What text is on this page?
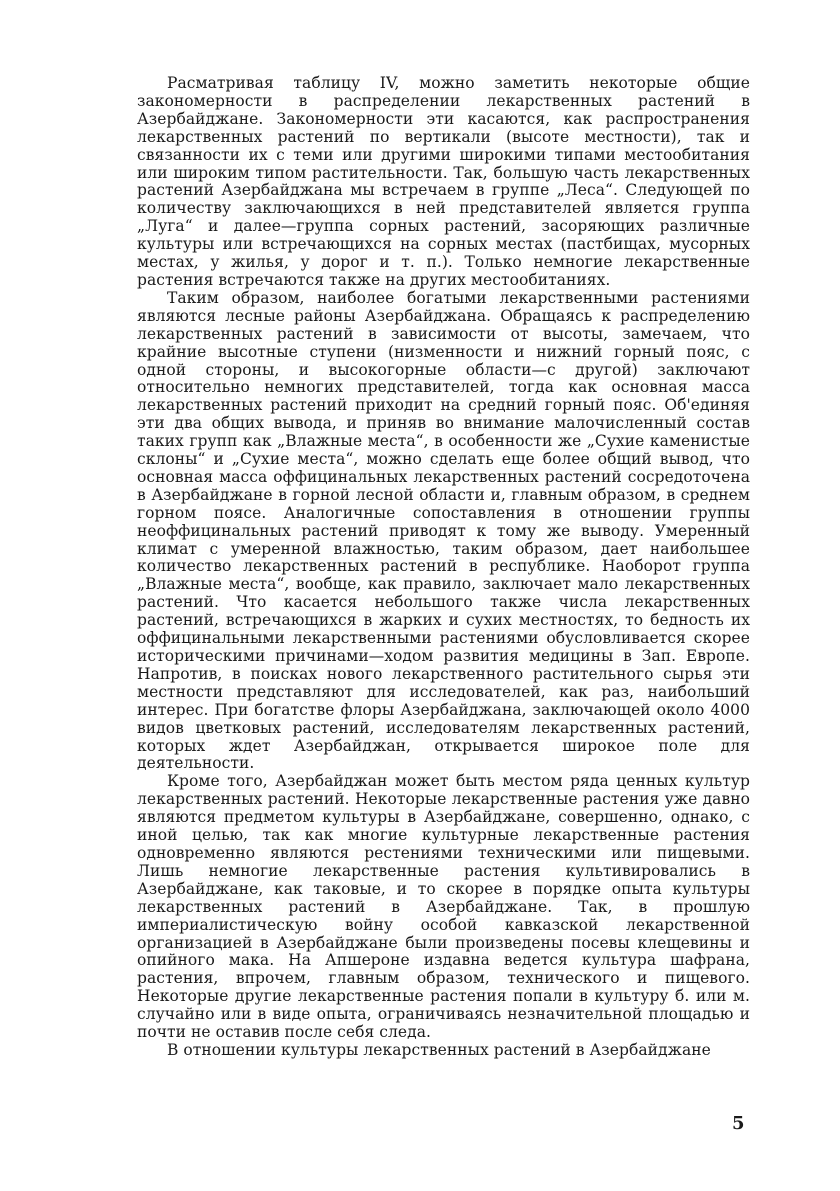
Расматривая таблицу IV, можно заметить некоторые общие закономерности в распределении лекарственных растений в Азербайджане. Закономерности эти касаются, как распространения лекарственных растений по вертикали (высоте местности), так и связанности их с теми или другими широкими типами местообитания или широким типом растительности. Так, большую часть лекарственных растений Азербайджана мы встречаем в группе „Леса“. Следующей по количеству заключающихся в ней представителей является группа „Луга“ и далее—группа сорных растений, засоряющих различные культуры или встречающихся на сорных местах (пастбищах, мусорных местах, у жилья, у дорог и т. п.). Только немногие лекарственные растения встречаются также на других местообитаниях.

Таким образом, наиболее богатыми лекарственными растениями являются лесные районы Азербайджана. Обращаясь к распределению лекарственных растений в зависимости от высоты, замечаем, что крайние высотные ступени (низменности и нижний горный пояс, с одной стороны, и высокогорные области—с другой) заключают относительно немногих представителей, тогда как основная масса лекарственных растений приходит на средний горный пояс. Об'единяя эти два общих вывода, и приняв во внимание малочисленный состав таких групп как „Влажные места“, в особенности же „Сухие каменистые склоны“ и „Сухие места“, можно сделать еще более общий вывод, что основная масса оффицинальных лекарственных растений сосредоточена в Азербайджане в горной лесной области и, главным образом, в среднем горном поясе. Аналогичные сопоставления в отношении группы неоффицинальных растений приводят к тому же выводу. Умеренный климат с умеренной влажностью, таким образом, дает наибольшее количество лекарственных растений в республике. Наоборот группа „Влажные места“, вообще, как правило, заключает мало лекарственных растений. Что касается небольшого также числа лекарственных растений, встречающихся в жарких и сухих местностях, то бедность их оффицинальными лекарственными растениями обусловливается скорее историческими причинами—ходом развития медицины в Зап. Европе. Напротив, в поисках нового лекарственного растительного сырья эти местности представляют для исследователей, как раз, наибольший интерес. При богатстве флоры Азербайджана, заключающей около 4000 видов цветковых растений, исследователям лекарственных растений, которых ждет Азербайджан, открывается широкое поле для деятельности.

Кроме того, Азербайджан может быть местом ряда ценных культур лекарственных растений. Некоторые лекарственные растения уже давно являются предметом культуры в Азербайджане, совершенно, однако, с иной целью, так как многие культурные лекарственные растения одновременно являются рестениями техническими или пищевыми. Лишь немногие лекарственные растения культивировались в Азербайджане, как таковые, и то скорее в порядке опыта культуры лекарственных растений в Азербайджане. Так, в прошлую империалистическую войну особой кавказской лекарственной организацией в Азербайджане были произведены посевы клещевины и опийного мака. На Апшероне издавна ведется культура шафрана, растения, впрочем, главным образом, технического и пищевого. Некоторые другие лекарственные растения попали в культуру б. или м. случайно или в виде опыта, ограничиваясь незначительной площадью и почти не оставив после себя следа.

В отношении культуры лекарственных растений в Азербайджане

5
